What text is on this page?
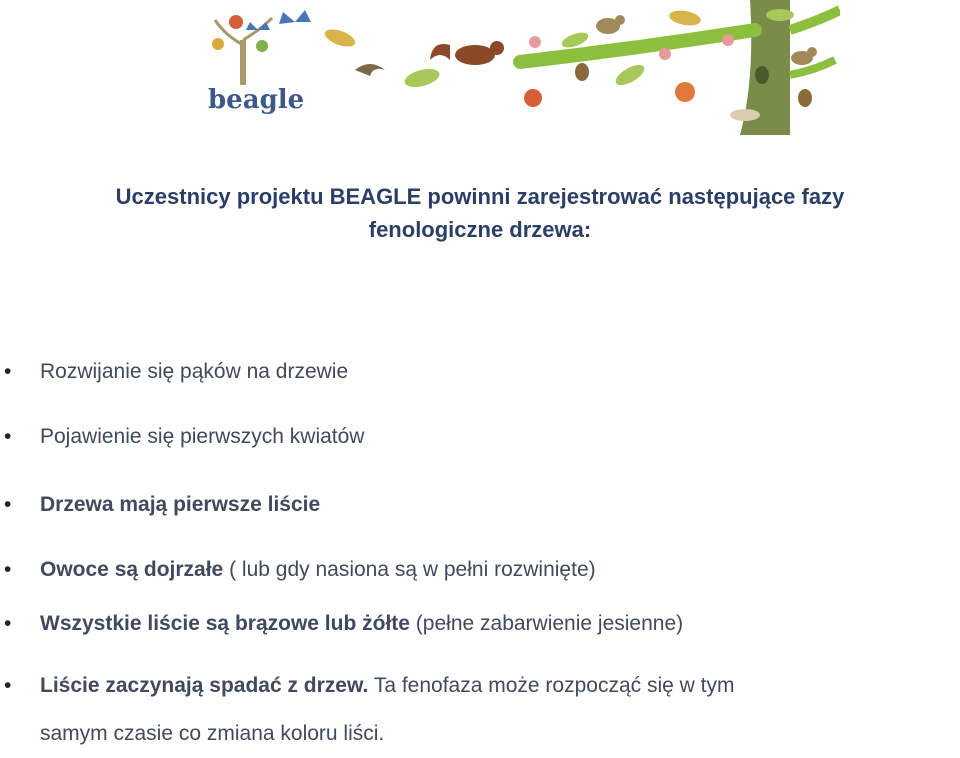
beagle
Uczestnicy projektu BEAGLE powinni zarejestrować następujące fazy
fenologiczne drzewa:
• Rozwijanie się pąków na drzewie
• Pojawienie się pierwszych kwiatów
• Drzewa mają pierwsze liście
• Owoce są dojrzałe ( lub gdy nasiona są w pełni rozwinięte)
• Wszystkie liście są brązowe lub żółte (pełne zabarwienie jesienne)
• Liście zaczynają spadać z drzew. Ta fenofaza może rozpocząć się w tym
samym czasie co zmiana koloru liści.
